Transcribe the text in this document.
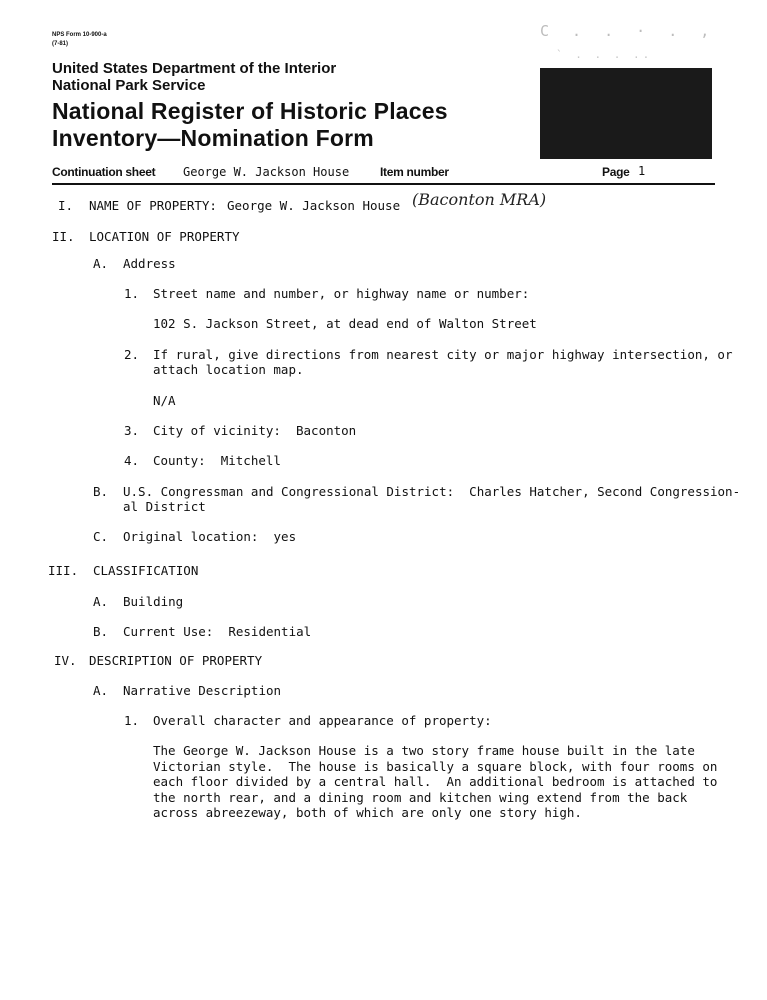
NPS Form 10-900-a
(7-81)
United States Department of the Interior
National Park Service
National Register of Historic Places
Inventory—Nomination Form
C . . · . ,
` . . . ..
Continuation sheet George W. Jackson House	Item number	Page 1
I. NAME OF PROPERTY: George W. Jackson House (Baconton MRA)
II. LOCATION OF PROPERTY
A. Address
1. Street name and number, or highway name or number:
102 S. Jackson Street, at dead end of Walton Street
2. If rural, give directions from nearest city or major highway intersection, or
attach location map.
N/A
3. City of vicinity:  Baconton
4. County:  Mitchell
B. U.S. Congressman and Congressional District:  Charles Hatcher, Second Congression-
al District
C. Original location:  yes
III. CLASSIFICATION
A. Building
B. Current Use:  Residential
IV. DESCRIPTION OF PROPERTY
A. Narrative Description
1. Overall character and appearance of property:
The George W. Jackson House is a two story frame house built in the late
Victorian style.  The house is basically a square block, with four rooms on
each floor divided by a central hall.  An additional bedroom is attached to
the north rear, and a dining room and kitchen wing extend from the back
across abreezeway, both of which are only one story high.
